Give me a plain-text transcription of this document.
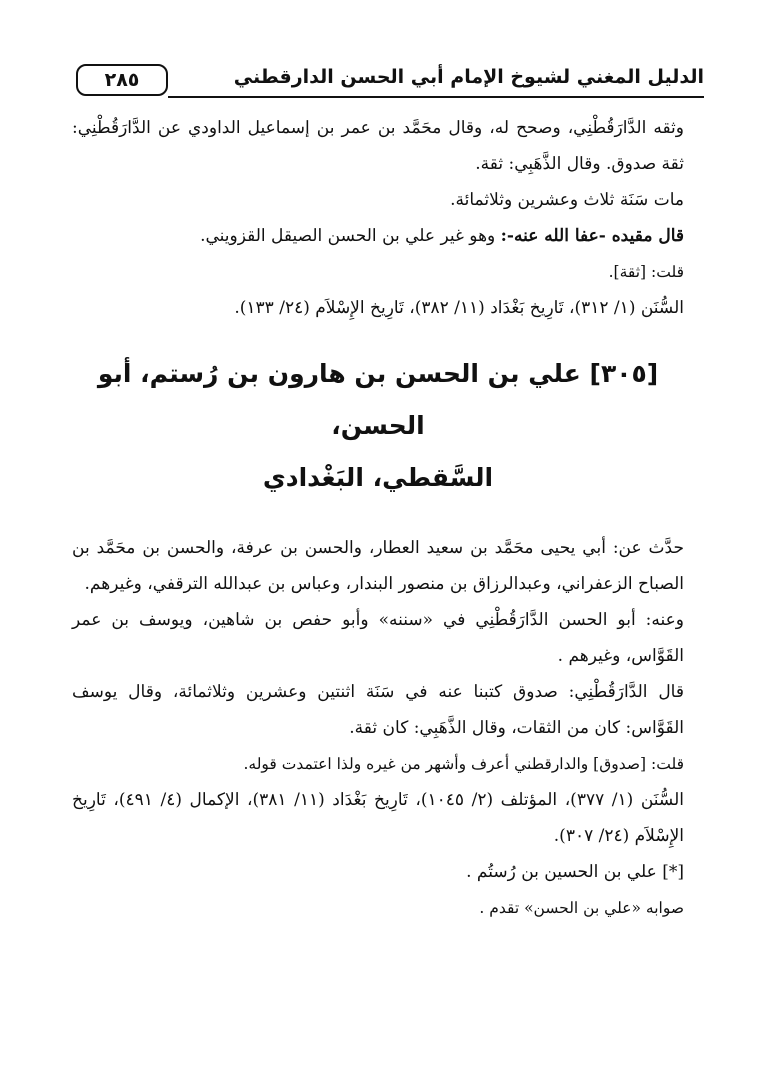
٢٨٥	الدليل المغني لشيوخ الإمام أبي الحسن الدارقطني

وثقه الدَّارَقُطْنِي، وصحح له، وقال محَمَّد بن عمر بن إسماعيل الداودي عن الدَّارَقُطْنِي: ثقة صدوق. وقال الذَّهَبِي: ثقة.

مات سَنَة ثلاث وعشرين وثلاثمائة.

قال مقيده -عفا الله عنه-: وهو غير علي بن الحسن الصيقل القزويني.

قلت: [ثقة].

السُّنَن (١/ ٣١٢)، تَارِيخ بَغْدَاد (١١/ ٣٨٢)، تَارِيخ الإِسْلاَم (٢٤/ ١٣٣).

[٣٠٥] علي بن الحسن بن هارون بن رُستم، أبو الحسن،
السَّقطي، البَغْدادي

حدَّث عن: أبي يحيى محَمَّد بن سعيد العطار، والحسن بن عرفة، والحسن بن محَمَّد بن الصباح الزعفراني، وعبدالرزاق بن منصور البندار، وعباس بن عبدالله الترقفي، وغيرهم.

وعنه: أبو الحسن الدَّارَقُطْنِي في «سننه» وأبو حفص بن شاهين، ويوسف بن عمر القَوَّاس، وغيرهم .

قال الدَّارَقُطْنِي: صدوق كتبنا عنه في سَنَة اثنتين وعشرين وثلاثمائة، وقال يوسف القَوَّاس: كان من الثقات، وقال الذَّهَبِي: كان ثقة.

قلت: [صدوق] والدارقطني أعرف وأشهر من غيره ولذا اعتمدت قوله.

السُّنَن (١/ ٣٧٧)، المؤتلف (٢/ ١٠٤٥)، تَارِيخ بَغْدَاد (١١/ ٣٨١)، الإكمال (٤/ ٤٩١)، تَارِيخ الإِسْلاَم (٢٤/ ٣٠٧).

[*] علي بن الحسين بن رُستُم .

صوابه «علي بن الحسن» تقدم .
